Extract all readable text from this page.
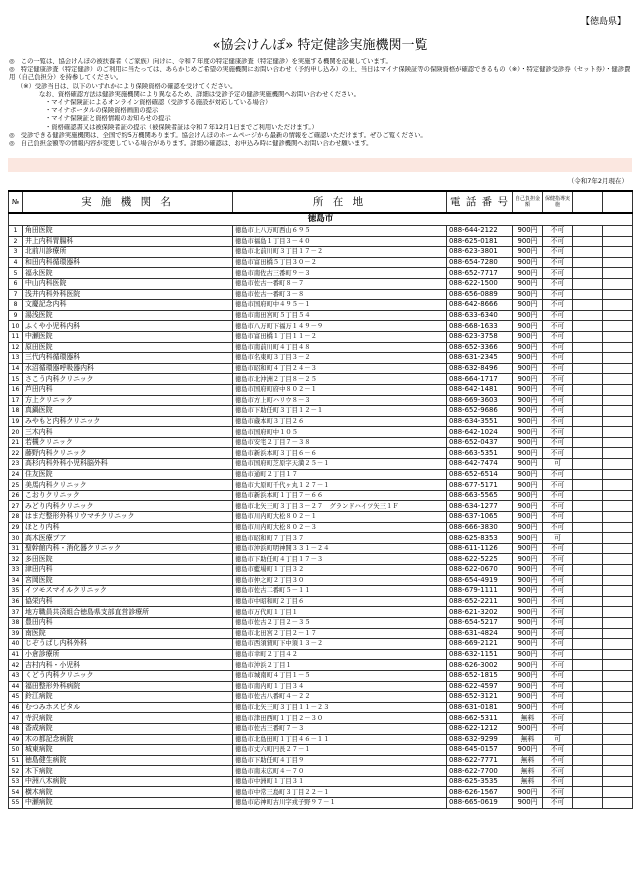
【徳島県】
«協会けんぽ» 特定健診実施機関一覧
◎　この一覧は、協会けんぽの被扶養者（ご家族）向けに、令和７年度の特定健康診査（特定健診）を実施する機関を記載しています。
◎　特定健康診査（特定健診）のご利用に当たっては、あらかじめご希望の実施機関にお問い合わせ（予約申し込み）の上、当日はマイナ保険証等の保険資格が確認できるもの（※）・特定健診受診券（セット券）・健診費用（自己負担分）を持参してください。
（※）受診当日は、以下のいずれかにより保険資格の確認を受けてください。
なお、資格確認方法は健診実施機関により異なるため、詳細は受診予定の健診実施機関へお問い合わせください。
・マイナ保険証によるオンライン資格確認（受診する施設が対応している場合）
・マイナポータルの保険資格画面の提示
・マイナ保険証と資格情報のお知らせの提示
・資格確認書又は被保険者証の提示（被保険者証は令和７年12月1日までご利用いただけます。）
◎　受診できる健診実施機関は、全国で約5万機関あります。協会けんぽのホームページから最新の情報をご確認いただけます。ぜひご覧ください。
◎　自己負担金額等の情報内容が変更している場合があります。詳細の確認は、お申込み時に健診機関へお問い合わせ願います。
（令和7年2月現在）
№	実 施 機 関 名	所 在 地	電 話 番 号	自己負担金額	保健指導実施		
徳島市							
1	角田医院	徳島市上八万町西山６９５	088-644-2122	900円	不可		
2	井上内科胃腸科	徳島市福島１丁目３－４０	088-625-0181	900円	不可		
3	北前川診療所	徳島市北前川町３丁目１７－２	088-623-3801	900円	不可		
4	和田内科循環器科	徳島市富田橋５丁目３０－２	088-654-7280	900円	不可		
5	福永医院	徳島市南佐古三番町９－３	088-652-7717	900円	不可		
6	中山内科医院	徳島市佐古一番町８－７	088-622-1500	900円	不可		
7	浅井内科外科医院	徳島市佐古一番町３－８	088-656-0889	900円	不可		
8	文慶記念内科	徳島市国府町中４９５－１	088-642-8666	900円	不可		
9	湯浅医院	徳島市南田宮町５丁目５４	088-633-6340	900円	不可		
10	ふくや小児科内科	徳島市八万町下福万１４９－９	088-668-1633	900円	不可		
11	中瀬医院	徳島市富田橋１丁目１１－２	088-623-3758	900円	不可		
12	原田医院	徳島市南前川町４丁目４８	088-652-3366	900円	不可		
13	三代内科循環器科	徳島市名東町３丁目３－２	088-631-2345	900円	不可		
14	水沼循環器呼吸器内科	徳島市昭和町４丁目２４－３	088-632-8496	900円	不可		
15	さこう内科クリニック	徳島市北沖洲２丁目８－２５	088-664-1717	900円	不可		
16	芦田内科	徳島市国府町府中８０２－１	088-642-1481	900円	不可		
17	方上クリニック	徳島市方上町ハリウ８－３	088-669-3603	900円	不可		
18	真鍋医院	徳島市下助任町３丁目１２－１	088-652-9686	900円	不可		
19	みやもと内科クリニック	徳島市蔵本町３丁目２６	088-634-3551	900円	不可		
20	三木内科	徳島市国府町中１０５	088-642-1024	900円	不可		
21	若槻クリニック	徳島市安宅２丁目７－３８	088-652-0437	900円	不可		
22	藤野内科クリニック	徳島市新浜本町３丁目６－６	088-663-5351	900円	不可		
23	高杉内科外科小児科脳外科	徳島市国府町芝原字天満２５－１	088-642-7474	900円	可		
24	住友医院	徳島市通町２丁目１７	088-652-6514	900円	不可		
25	美馬内科クリニック	徳島市大原町千代ヶ丸１２７－１	088-677-5171	900円	不可		
26	こおりクリニック	徳島市新浜本町１丁目７－６６	088-663-5565	900円	不可		
27	みどり内科クリニック	徳島市北矢三町３丁目３－２７　グランドハイツ矢三１Ｆ	088-634-1277	900円	不可		
28	はまだ整形外科リウマチクリニック	徳島市川内町大松８０２－１	088-637-1065	900円	不可		
29	ほとり内科	徳島市川内町大松８０２－３	088-666-3830	900円	不可		
30	高木医療ブア	徳島市昭和町７丁目３７	088-625-8353	900円	可		
31	聖幹館内科・消化器クリニック	徳島市沖浜町明神開３３１－２４	088-611-1126	900円	不可		
32	多田医院	徳島市下助任町４丁目１７－３	088-622-5225	900円	不可		
33	津田内科	徳島市藍場町１丁目３２	088-622-0670	900円	不可		
34	宮岡医院	徳島市仲之町２丁目３０	088-654-4919	900円	不可		
35	イツモスマイルクリニック	徳島市佐古二番町５－１１	088-679-1111	900円	不可		
36	協栄内科	徳島市中昭和町２丁目６	088-652-2211	900円	不可		
37	地方職員共済組合徳島県支部直営診療所	徳島市万代町１丁目１	088-621-3202	900円	不可		
38	豊田内科	徳島市佐古２丁目２－３５	088-654-5217	900円	不可		
39	南医院	徳島市北田宮２丁目２－１７	088-631-4824	900円	不可		
40	じぞうばし内科外科	徳島市西須賀町下中須１３－２	088-669-2121	900円	不可		
41	小倉診療所	徳島市幸町２丁目４２	088-632-1151	900円	不可		
42	吉村内科・小児科	徳島市沖浜２丁目１	088-626-3002	900円	不可		
43	くどう内科クリニック	徳島市城南町４丁目１－５	088-652-1815	900円	不可		
44	福田整形外科病院	徳島市南内町１丁目３４	088-622-4597	900円	不可		
45	鈴江病院	徳島市佐古八番町４－２２	088-652-3121	900円	不可		
46	むつみホスピタル	徳島市北矢三町３丁目１１－２３	088-631-0181	900円	不可		
47	寺沢病院	徳島市津田西町１丁目２－３０	088-662-5311	無料	不可		
48	香成病院	徳島市佐古三番町７－３	088-622-1212	900円	不可		
49	木の都記念病院	徳島市北島田町１丁目４６－１１	088-632-9299	無料	可		
50	城東病院	徳島市丈六町円長２７－１	088-645-0157	900円	不可		
51	徳島健生病院	徳島市下助任町４丁目９	088-622-7771	無料	不可		
52	木下病院	徳島市南末広町４－７０	088-622-7700	無料	不可		
53	中洲八木病院	徳島市中洲町１丁目３１	088-625-3535	無料	不可		
54	横木病院	徳島市中常三島町３丁目２２－１	088-626-1567	900円	不可		
55	中瀬病院	徳島市応神町古川字戎子野９７－１	088-665-0619	900円	不可		
